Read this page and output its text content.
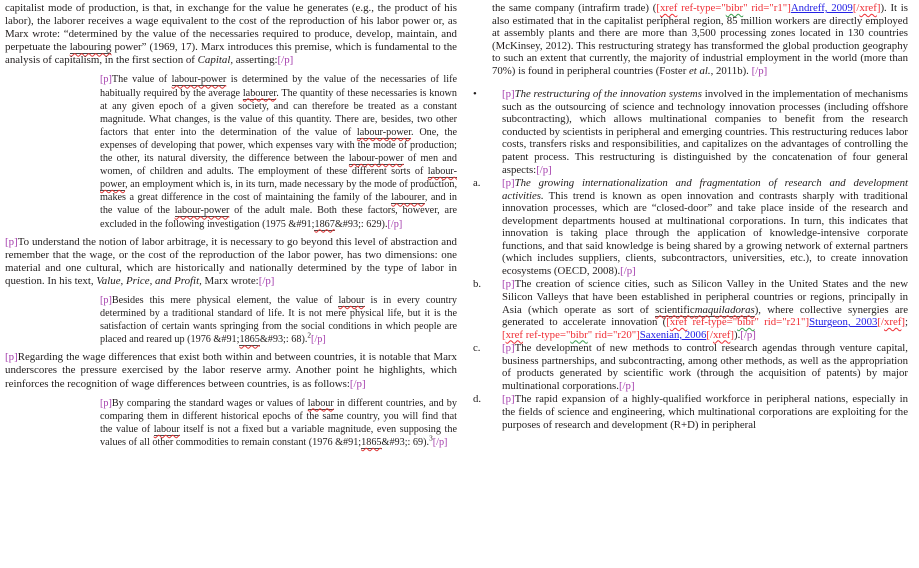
capitalist mode of production, is that, in exchange for the value he generates (e.g., the product of his labor), the laborer receives a wage equivalent to the cost of the reproduction of his labor power or, as Marx wrote: “determined by the value of the necessaries required to produce, develop, maintain, and perpetuate the labouring power” (1969, 17). Marx introduces this premise, which is fundamental to the analysis of capitalism, in the first section of Capital, asserting:[/p]
[p]The value of labour-power is determined by the value of the necessaries of life habitually required by the average labourer. The quantity of these necessaries is known at any given epoch of a given society, and can therefore be treated as a constant magnitude. What changes, is the value of this quantity. There are, besides, two other factors that enter into the determination of the value of labour-power. One, the expenses of developing that power, which expenses vary with the mode of production; the other, its natural diversity, the difference between the labour-power of men and women, of children and adults. The employment of these different sorts of labour-power, an employment which is, in its turn, made necessary by the mode of production, makes a great difference in the cost of maintaining the family of the labourer, and in the value of the labour-power of the adult male. Both these factors, however, are excluded in the following investigation (1975 &#91;1867&#93;: 629).[/p]
[p]To understand the notion of labor arbitrage, it is necessary to go beyond this level of abstraction and remember that the wage, or the cost of the reproduction of the labor power, has two dimensions: one material and one cultural, which are historically and nationally determined by the type of labor in question. In his text, Value, Price, and Profit, Marx wrote:[/p]
[p]Besides this mere physical element, the value of labour is in every country determined by a traditional standard of life. It is not mere physical life, but it is the satisfaction of certain wants springing from the social conditions in which people are placed and reared up (1976 &#91;1865&#93;: 68).$^2$[/p]
[p]Regarding the wage differences that exist both within and between countries, it is notable that Marx underscores the pressure exercised by the labor reserve army. Another point he highlights, which reinforces the recognition of wage differences between countries, is as follows:[/p]
[p]By comparing the standard wages or values of labour in different countries, and by comparing them in different historical epochs of the same country, you will find that the value of labour itself is not a fixed but a variable magnitude, even supposing the values of all other commodities to remain constant (1976 &#91;1865&#93;: 69).$^3$[/p]
the same company (intrafirm trade) ([xref ref-type="bibr" rid="r1"]Andreff, 2009[/xref]). It is also estimated that in the capitalist peripheral region, 85 million workers are directly employed at assembly plants and there are more than 3,500 processing zones located in 130 countries (McKinsey, 2012). This restructuring strategy has transformed the global production geography to such an extent that currently, the majority of industrial employment in the world (more than 70%) is found in peripheral countries (Foster et al., 2011b). [/p]
• [p]The restructuring of the innovation systems involved in the implementation of mechanisms such as the outsourcing of science and technology innovation processes (including offshore subcontracting), which allows multinational companies to benefit from the research conducted by scientists in peripheral and emerging countries. This restructuring reduces labor costs, transfers risks and responsibilities, and capitalizes on the advantages of controlling the patent process. This restructuring is distinguished by the concatenation of four general aspects:[/p]
a. [p]The growing internationalization and fragmentation of research and development activities. This trend is known as open innovation and contrasts sharply with traditional innovation processes, which are “closed-door” and take place inside of the research and development departments housed at multinational corporations. In turn, this indicates that innovation is taking place through the application of knowledge-intensive corporate functions, and that said knowledge is being shared by a growing network of external partners (which includes suppliers, clients, subcontractors, universities, etc.), to create innovation ecosystems (OECD, 2008).[/p]
b. [p]The creation of science cities, such as Silicon Valley in the United States and the new Silicon Valleys that have been established in peripheral countries or regions, principally in Asia (which operate as sort of scientificmaquiladoras), where collective synergies are generated to accelerate innovation ([xref ref-type="bibr" rid="r21"]Sturgeon, 2003[/xref]; [xref ref-type="bibr" rid="r20"]Saxenian, 2006[/xref]).[/p]
c. [p]The development of new methods to control research agendas through venture capital, business partnerships, and subcontracting, among other methods, as well as the appropriation of products generated by scientific work (through the acquisition of patents) by major multinational corporations.[/p]
d. [p]The rapid expansion of a highly-qualified workforce in peripheral nations, especially in the fields of science and engineering, which multinational corporations are exploiting for the purposes of research and development (R+D) in peripheral
